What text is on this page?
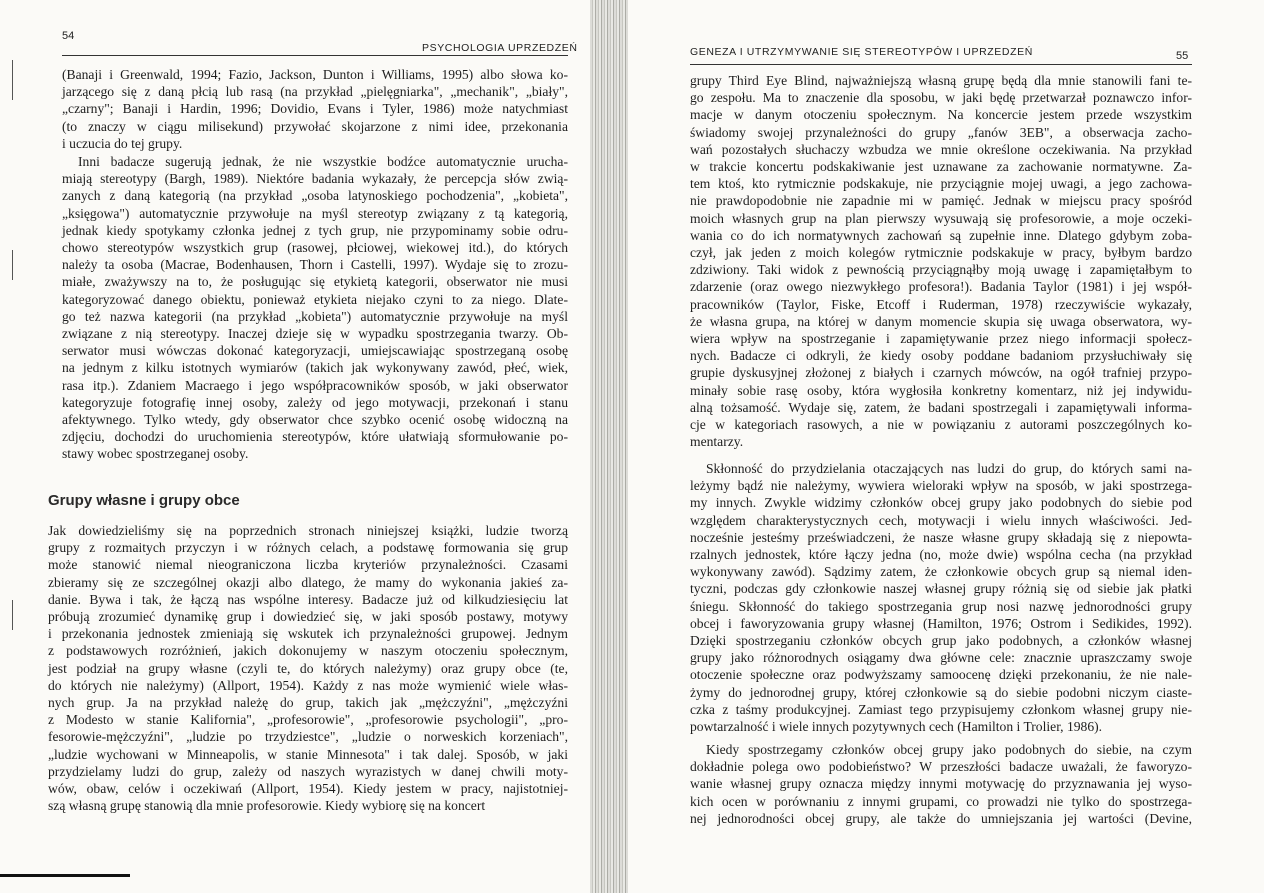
54
PSYCHOLOGIA UPRZEDZEŃ
(Banaji i Greenwald, 1994; Fazio, Jackson, Dunton i Williams, 1995) albo słowa ko-
jarzącego się z daną płcią lub rasą (na przykład „pielęgniarka", „mechanik", „biały",
„czarny"; Banaji i Hardin, 1996; Dovidio, Evans i Tyler, 1986) może natychmiast
(to znaczy w ciągu milisekund) przywołać skojarzone z nimi idee, przekonania
i uczucia do tej grupy.
Inni badacze sugerują jednak, że nie wszystkie bodźce automatycznie urucha-
miają stereotypy (Bargh, 1989). Niektóre badania wykazały, że percepcja słów zwią-
zanych z daną kategorią (na przykład „osoba latynoskiego pochodzenia", „kobieta",
„księgowa") automatycznie przywołuje na myśl stereotyp związany z tą kategorią,
jednak kiedy spotykamy członka jednej z tych grup, nie przypominamy sobie odru-
chowo stereotypów wszystkich grup (rasowej, płciowej, wiekowej itd.), do których
należy ta osoba (Macrae, Bodenhausen, Thorn i Castelli, 1997). Wydaje się to zrozu-
miałe, zważywszy na to, że posługując się etykietą kategorii, obserwator nie musi
kategoryzować danego obiektu, ponieważ etykieta niejako czyni to za niego. Dlate-
go też nazwa kategorii (na przykład „kobieta") automatycznie przywołuje na myśl
związane z nią stereotypy. Inaczej dzieje się w wypadku spostrzegania twarzy. Ob-
serwator musi wówczas dokonać kategoryzacji, umiejscawiając spostrzeganą osobę
na jednym z kilku istotnych wymiarów (takich jak wykonywany zawód, płeć, wiek,
rasa itp.). Zdaniem Macraego i jego współpracowników sposób, w jaki obserwator
kategoryzuje fotografię innej osoby, zależy od jego motywacji, przekonań i stanu
afektywnego. Tylko wtedy, gdy obserwator chce szybko ocenić osobę widoczną na
zdjęciu, dochodzi do uruchomienia stereotypów, które ułatwiają sformułowanie po-
stawy wobec spostrzeganej osoby.
Grupy własne i grupy obce
Jak dowiedzieliśmy się na poprzednich stronach niniejszej książki, ludzie tworzą
grupy z rozmaitych przyczyn i w różnych celach, a podstawę formowania się grup
może stanowić niemal nieograniczona liczba kryteriów przynależności. Czasami
zbieramy się ze szczególnej okazji albo dlatego, że mamy do wykonania jakieś za-
danie. Bywa i tak, że łączą nas wspólne interesy. Badacze już od kilkudziesięciu lat
próbują zrozumieć dynamikę grup i dowiedzieć się, w jaki sposób postawy, motywy
i przekonania jednostek zmieniają się wskutek ich przynależności grupowej. Jednym
z podstawowych rozróżnień, jakich dokonujemy w naszym otoczeniu społecznym,
jest podział na grupy własne (czyli te, do których należymy) oraz grupy obce (te,
do których nie należymy) (Allport, 1954). Każdy z nas może wymienić wiele włas-
nych grup. Ja na przykład należę do grup, takich jak „mężczyźni", „mężczyźni
z Modesto w stanie Kalifornia", „profesorowie", „profesorowie psychologii", „pro-
fesorowie-mężczyźni", „ludzie po trzydziestce", „ludzie o norweskich korzeniach",
„ludzie wychowani w Minneapolis, w stanie Minnesota" i tak dalej. Sposób, w jaki
przydzielamy ludzi do grup, zależy od naszych wyrazistych w danej chwili moty-
wów, obaw, celów i oczekiwań (Allport, 1954). Kiedy jestem w pracy, najistotniej-
szą własną grupę stanowią dla mnie profesorowie. Kiedy wybiorę się na koncert
GENEZA I UTRZYMYWANIE SIĘ STEREOTYPÓW I UPRZEDZEŃ	55
grupy Third Eye Blind, najważniejszą własną grupę będą dla mnie stanowili fani te-
go zespołu. Ma to znaczenie dla sposobu, w jaki będę przetwarzał poznawczo infor-
macje w danym otoczeniu społecznym. Na koncercie jestem przede wszystkim
świadomy swojej przynależności do grupy „fanów 3EB", a obserwacja zacho-
wań pozostałych słuchaczy wzbudza we mnie określone oczekiwania. Na przykład
w trakcie koncertu podskakiwanie jest uznawane za zachowanie normatywne. Za-
tem ktoś, kto rytmicznie podskakuje, nie przyciągnie mojej uwagi, a jego zachowa-
nie prawdopodobnie nie zapadnie mi w pamięć. Jednak w miejscu pracy spośród
moich własnych grup na plan pierwszy wysuwają się profesorowie, a moje oczeki-
wania co do ich normatywnych zachowań są zupełnie inne. Dlatego gdybym zoba-
czył, jak jeden z moich kolegów rytmicznie podskakuje w pracy, byłbym bardzo
zdziwiony. Taki widok z pewnością przyciągnąłby moją uwagę i zapamiętałbym to
zdarzenie (oraz owego niezwykłego profesora!). Badania Taylor (1981) i jej współ-
pracowników (Taylor, Fiske, Etcoff i Ruderman, 1978) rzeczywiście wykazały,
że własna grupa, na której w danym momencie skupia się uwaga obserwatora, wy-
wiera wpływ na spostrzeganie i zapamiętywanie przez niego informacji społecz-
nych. Badacze ci odkryli, że kiedy osoby poddane badaniom przysłuchiwały się
grupie dyskusyjnej złożonej z białych i czarnych mówców, na ogół trafniej przypo-
minały sobie rasę osoby, która wygłosiła konkretny komentarz, niż jej indywidu-
alną tożsamość. Wydaje się, zatem, że badani spostrzegali i zapamiętywali informa-
cje w kategoriach rasowych, a nie w powiązaniu z autorami poszczególnych ko-
mentarzy.
Skłonność do przydzielania otaczających nas ludzi do grup, do których sami na-
leżymy bądź nie należymy, wywiera wieloraki wpływ na sposób, w jaki spostrzega-
my innych. Zwykle widzimy członków obcej grupy jako podobnych do siebie pod
względem charakterystycznych cech, motywacji i wielu innych właściwości. Jed-
nocześnie jesteśmy przeświadczeni, że nasze własne grupy składają się z niepowta-
rzalnych jednostek, które łączy jedna (no, może dwie) wspólna cecha (na przykład
wykonywany zawód). Sądzimy zatem, że członkowie obcych grup są niemal iden-
tyczni, podczas gdy członkowie naszej własnej grupy różnią się od siebie jak płatki
śniegu. Skłonność do takiego spostrzegania grup nosi nazwę jednorodności grupy
obcej i faworyzowania grupy własnej (Hamilton, 1976; Ostrom i Sedikides, 1992).
Dzięki spostrzeganiu członków obcych grup jako podobnych, a członków własnej
grupy jako różnorodnych osiągamy dwa główne cele: znacznie upraszczamy swoje
otoczenie społeczne oraz podwyższamy samoocenę dzięki przekonaniu, że nie nale-
żymy do jednorodnej grupy, której członkowie są do siebie podobni niczym ciaste-
czka z taśmy produkcyjnej. Zamiast tego przypisujemy członkom własnej grupy nie-
powtarzalność i wiele innych pozytywnych cech (Hamilton i Trolier, 1986).
Kiedy spostrzegamy członków obcej grupy jako podobnych do siebie, na czym
dokładnie polega owo podobieństwo? W przeszłości badacze uważali, że faworyzo-
wanie własnej grupy oznacza między innymi motywację do przyznawania jej wyso-
kich ocen w porównaniu z innymi grupami, co prowadzi nie tylko do spostrzega-
nej jednorodności obcej grupy, ale także do umniejszania jej wartości (Devine,
